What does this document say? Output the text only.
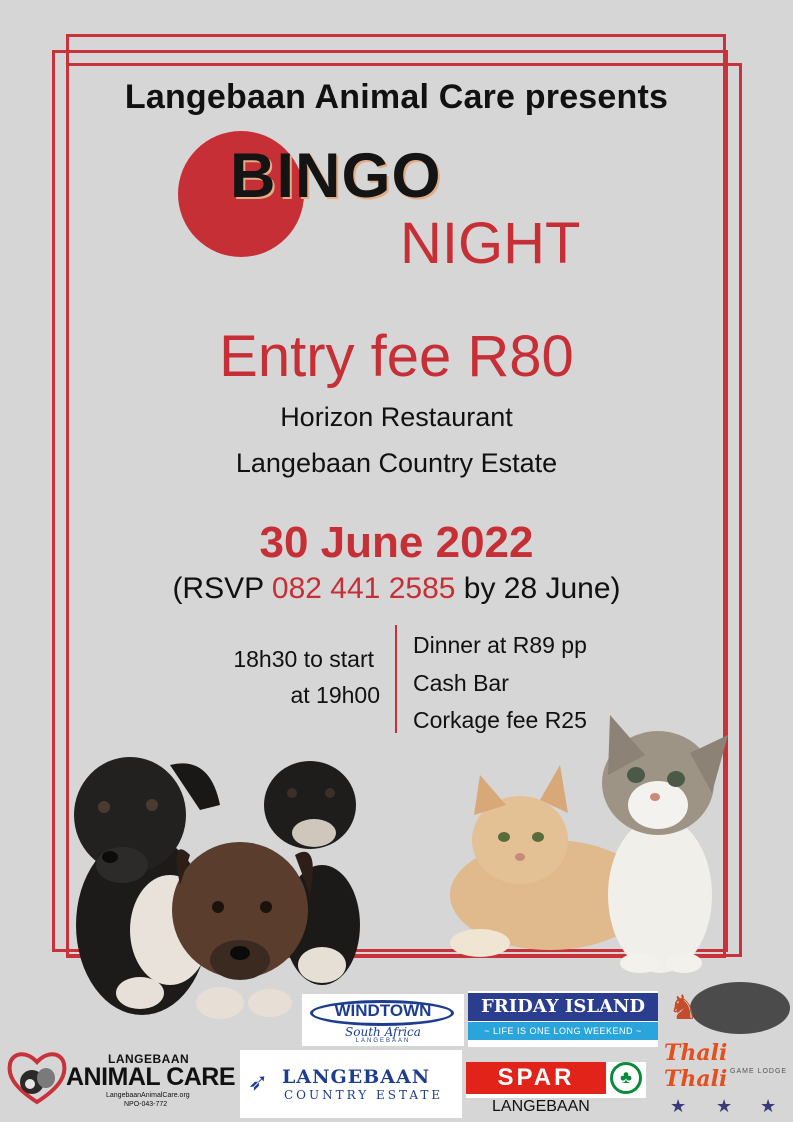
Langebaan Animal Care presents
BINGO
NIGHT
Entry fee R80
Horizon Restaurant
Langebaan Country Estate
30 June 2022
(RSVP 082 441 2585 by 28 June)
18h30 to start
at 19h00
Dinner at R89 pp
Cash Bar
Corkage fee R25
LANGEBAAN
ANIMAL CARE
LangebaanAnimalCare.org
NPO-043-772
WINDTOWN
South Africa
LANGEBAAN
FRIDAY ISLAND
~ LIFE IS ONE LONG WEEKEND ~
➶ LANGEBAAN
COUNTRY ESTATE
SPAR	♣
LANGEBAAN
♞
Thali Thali GAME LODGE
★ ★ ★
